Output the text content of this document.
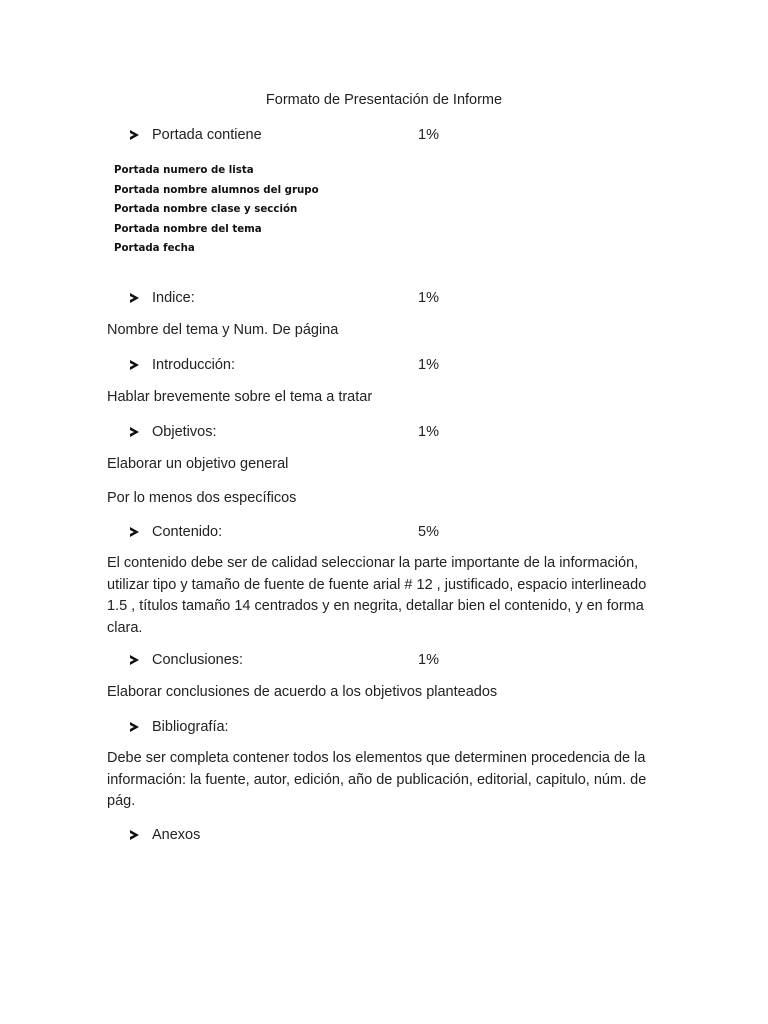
Formato de Presentación de Informe
Portada contiene	1%
Portada numero de lista
Portada nombre alumnos del grupo
Portada nombre clase y sección
Portada nombre del tema
Portada fecha
Indice:	1%
Nombre del tema y Num. De página
Introducción:	1%
Hablar brevemente sobre el tema a tratar
Objetivos:	1%
Elaborar un objetivo general
Por lo menos dos específicos
Contenido:	5%
El contenido debe ser de calidad seleccionar la parte importante de la información, utilizar tipo y tamaño de fuente de fuente arial # 12 , justificado, espacio interlineado 1.5 , títulos tamaño 14 centrados y en negrita, detallar bien el contenido, y en forma clara.
Conclusiones:	1%
Elaborar conclusiones de acuerdo a los objetivos planteados
Bibliografía:
Debe ser completa contener todos los elementos que determinen procedencia de la información: la fuente, autor, edición, año de publicación, editorial, capitulo, núm. de pág.
Anexos
